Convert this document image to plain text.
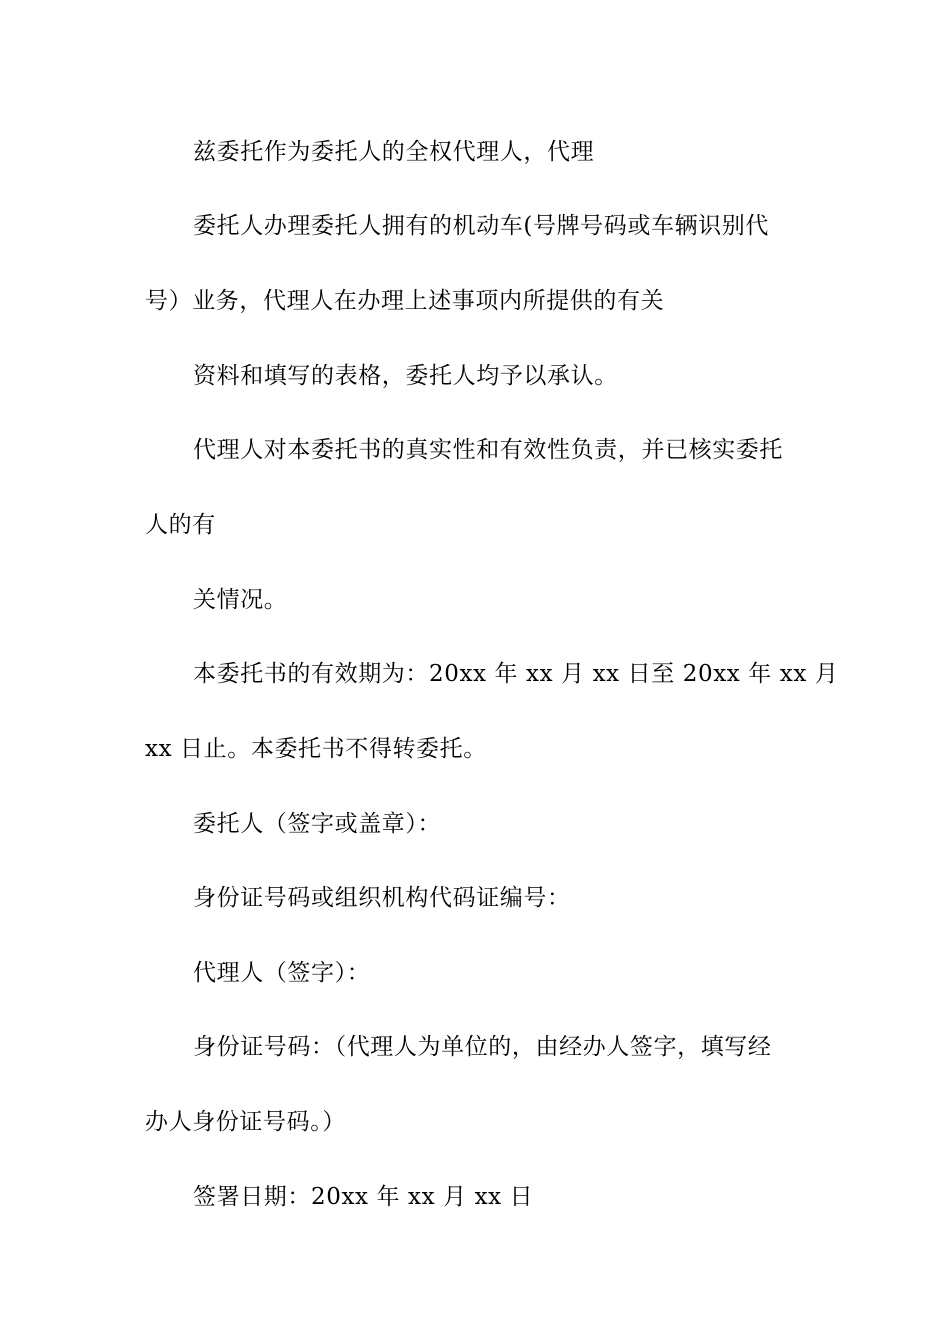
兹委托作为委托人的全权代理人，代理
委托人办理委托人拥有的机动车(号牌号码或车辆识别代
号）业务，代理人在办理上述事项内所提供的有关
资料和填写的表格，委托人均予以承认。
代理人对本委托书的真实性和有效性负责，并已核实委托
人的有
关情况。
本委托书的有效期为：20xx 年 xx 月 xx 日至 20xx 年 xx 月
xx 日止。本委托书不得转委托。
委托人（签字或盖章）：
身份证号码或组织机构代码证编号：
代理人（签字）：
身份证号码：（代理人为单位的，由经办人签字，填写经
办人身份证号码。）
签署日期：20xx 年 xx 月 xx 日
